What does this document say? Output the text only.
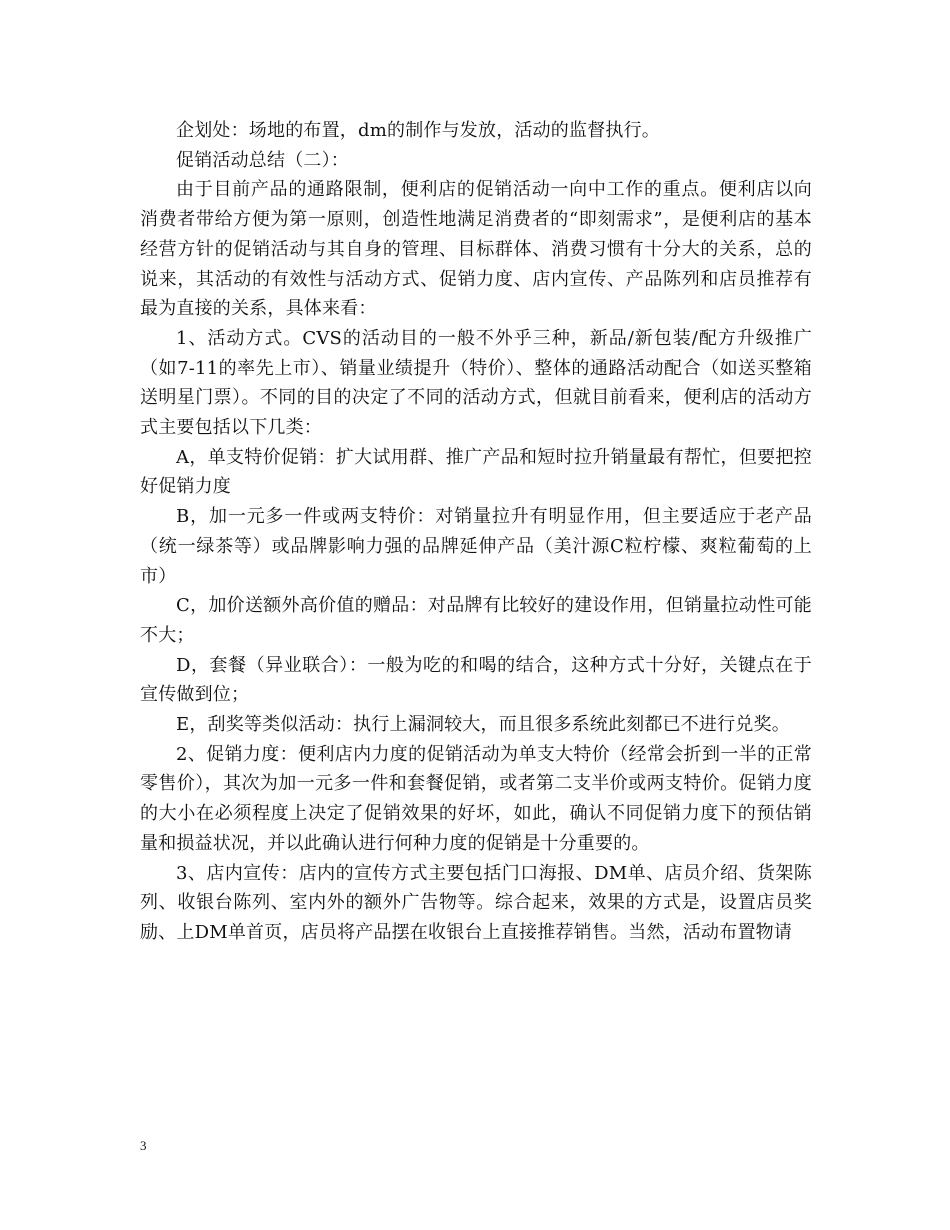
企划处：场地的布置，dm的制作与发放，活动的监督执行。

促销活动总结（二）：

由于目前产品的通路限制，便利店的促销活动一向中工作的重点。便利店以向消费者带给方便为第一原则，创造性地满足消费者的“即刻需求”，是便利店的基本经营方针的促销活动与其自身的管理、目标群体、消费习惯有十分大的关系，总的说来，其活动的有效性与活动方式、促销力度、店内宣传、产品陈列和店员推荐有最为直接的关系，具体来看：

1、活动方式。CVS的活动目的一般不外乎三种，新品/新包装/配方升级推广（如7-11的率先上市）、销量业绩提升（特价）、整体的通路活动配合（如送买整箱送明星门票）。不同的目的决定了不同的活动方式，但就目前看来，便利店的活动方式主要包括以下几类：

A，单支特价促销：扩大试用群、推广产品和短时拉升销量最有帮忙，但要把控好促销力度

B，加一元多一件或两支特价：对销量拉升有明显作用，但主要适应于老产品（统一绿茶等）或品牌影响力强的品牌延伸产品（美汁源C粒柠檬、爽粒葡萄的上市）

C，加价送额外高价值的赠品：对品牌有比较好的建设作用，但销量拉动性可能不大；

D，套餐（异业联合）：一般为吃的和喝的结合，这种方式十分好，关键点在于宣传做到位；

E，刮奖等类似活动：执行上漏洞较大，而且很多系统此刻都已不进行兑奖。

2、促销力度：便利店内力度的促销活动为单支大特价（经常会折到一半的正常零售价），其次为加一元多一件和套餐促销，或者第二支半价或两支特价。促销力度的大小在必须程度上决定了促销效果的好坏，如此，确认不同促销力度下的预估销量和损益状况，并以此确认进行何种力度的促销是十分重要的。

3、店内宣传：店内的宣传方式主要包括门口海报、DM单、店员介绍、货架陈列、收银台陈列、室内外的额外广告物等。综合起来，效果的方式是，设置店员奖励、上DM单首页，店员将产品摆在收银台上直接推荐销售。当然，活动布置物请

3
